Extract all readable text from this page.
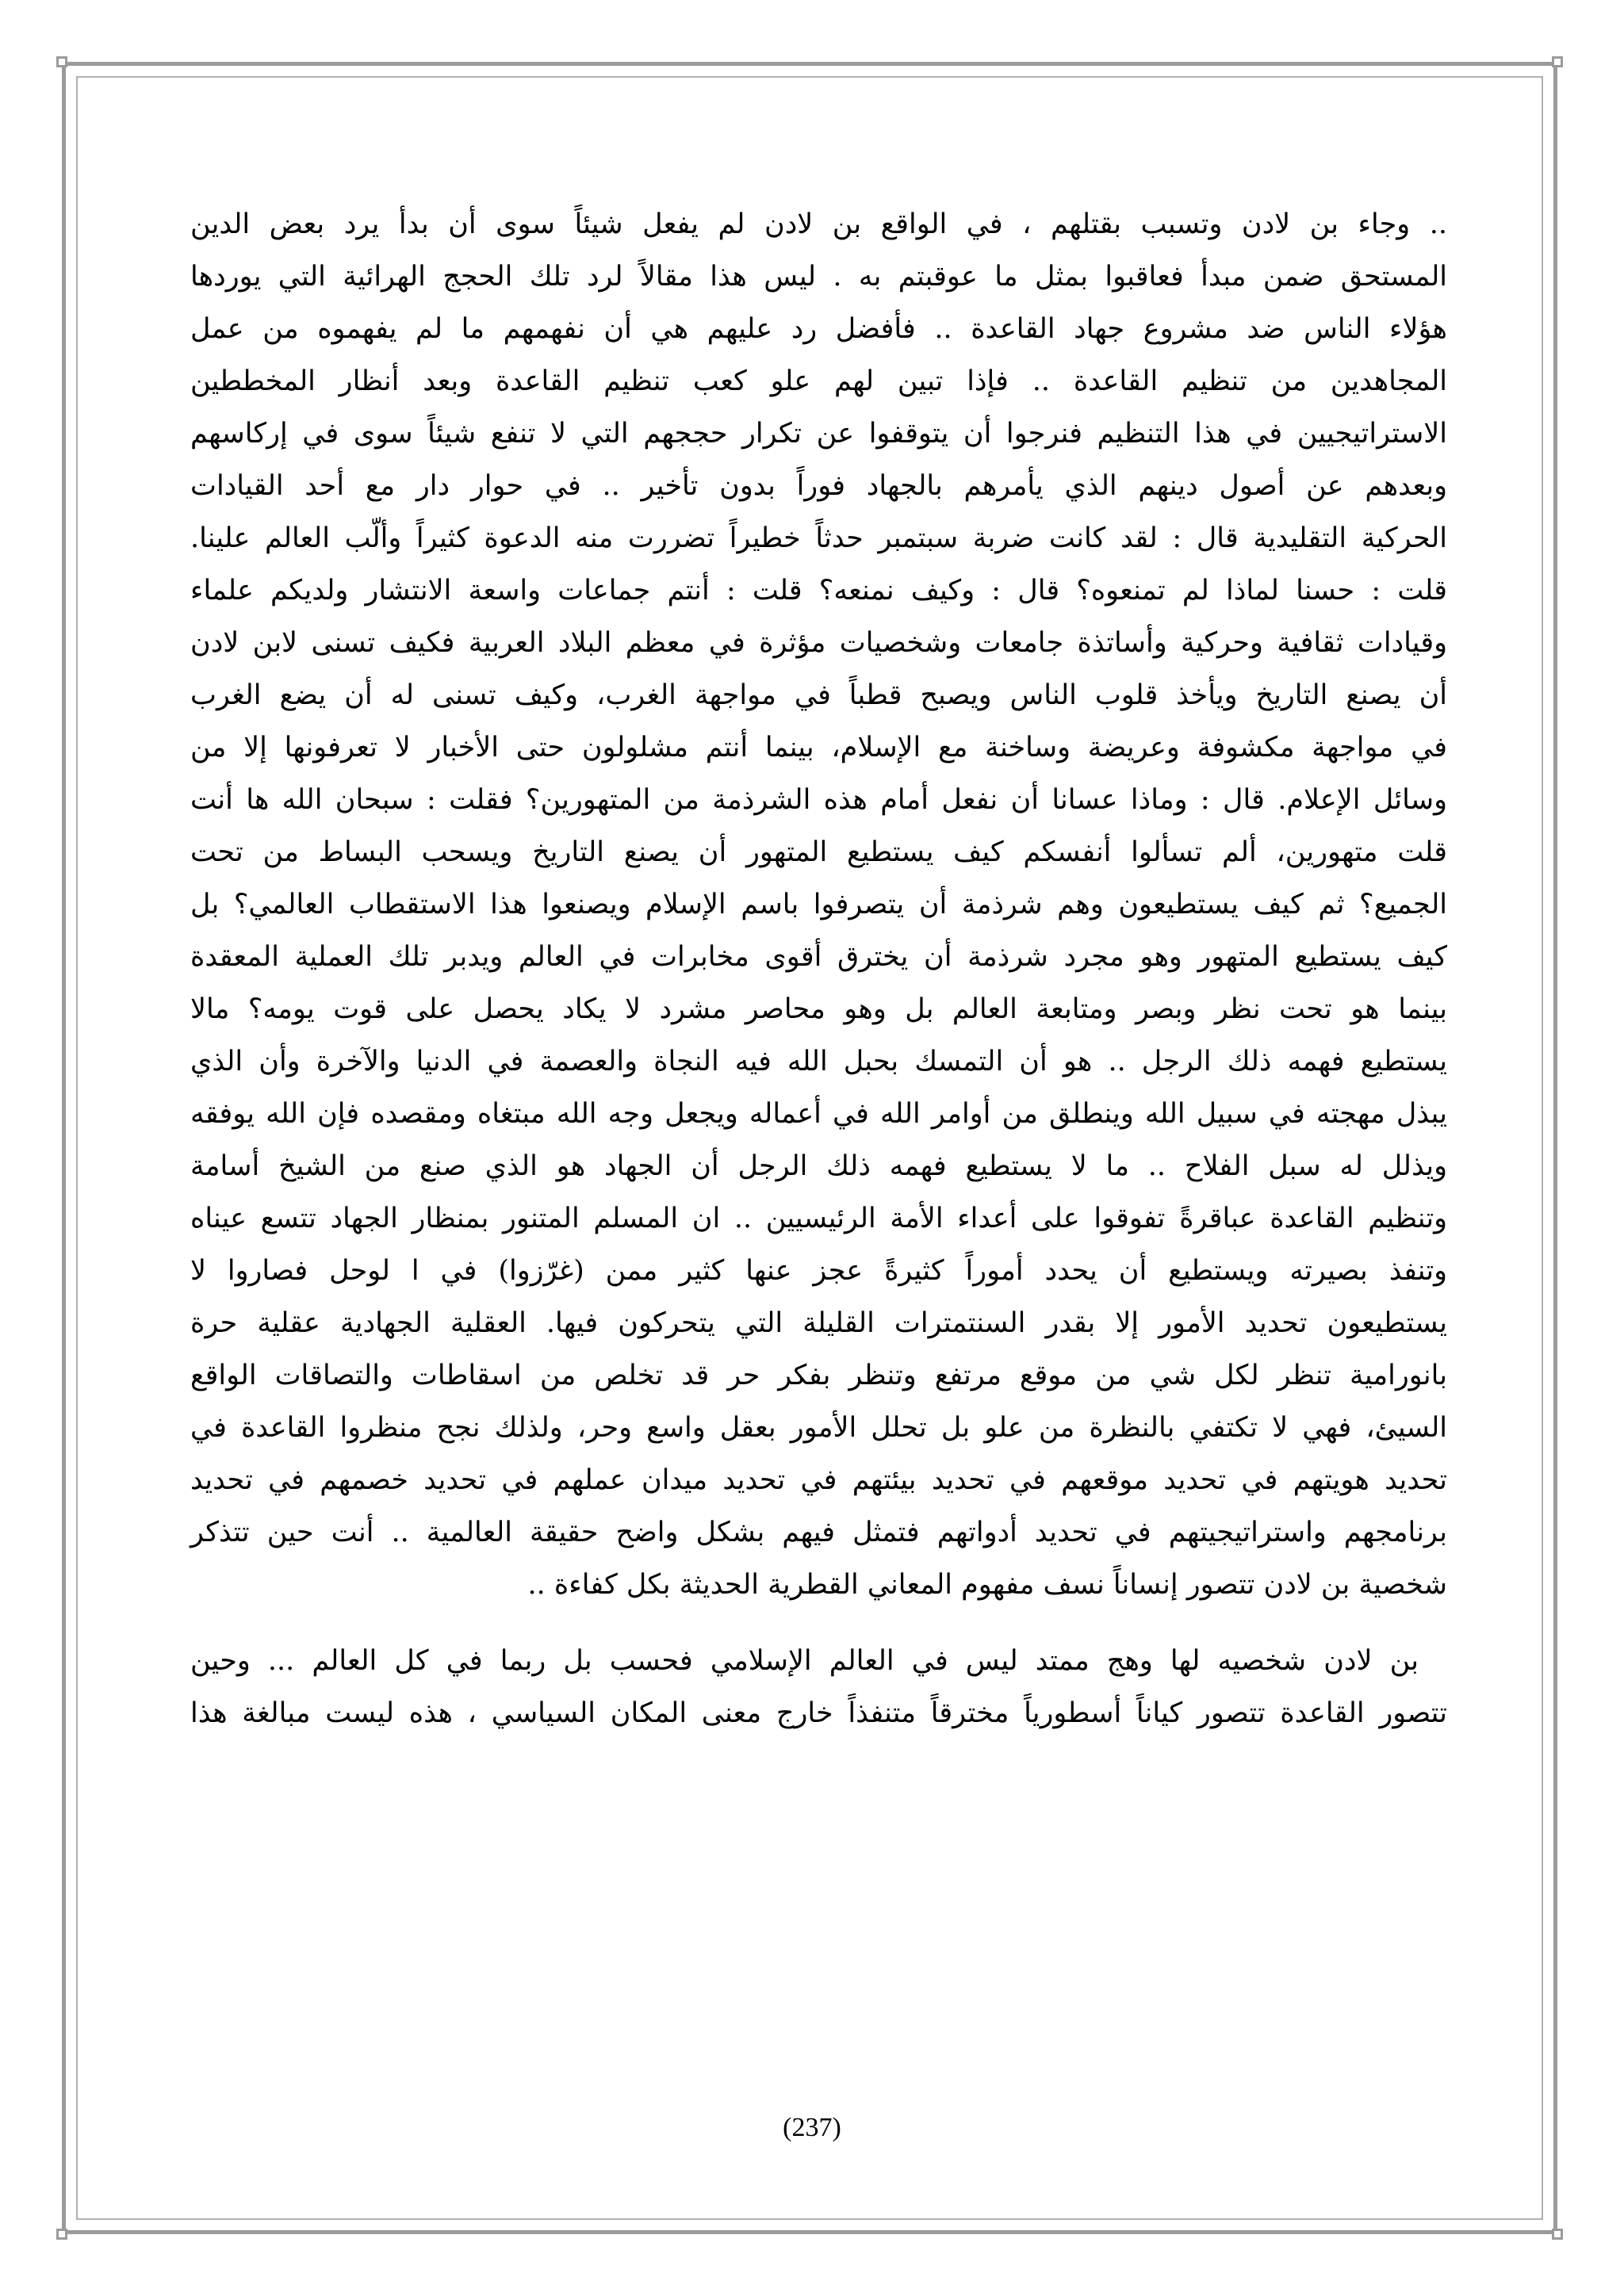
.. وجاء بن لادن وتسبب بقتلهم ، في الواقع بن لادن لم يفعل شيئاً سوى أن بدأ يرد بعض الدين
المستحق ضمن مبدأ فعاقبوا بمثل ما عوقبتم به . ليس هذا مقالاً لرد تلك الحجج الهرائية التي يوردها
هؤلاء الناس ضد مشروع جهاد القاعدة .. فأفضل رد عليهم هي أن نفهمهم ما لم يفهموه من عمل
المجاهدين من تنظيم القاعدة .. فإذا تبين لهم علو كعب تنظيم القاعدة وبعد أنظار المخططين
الاستراتيجيين في هذا التنظيم فنرجوا أن يتوقفوا عن تكرار حججهم التي لا تنفع شيئاً سوى في إركاسهم
وبعدهم عن أصول دينهم الذي يأمرهم بالجهاد فوراً بدون تأخير .. في حوار دار مع أحد القيادات
الحركية التقليدية قال : لقد كانت ضربة سبتمبر حدثاً خطيراً تضررت منه الدعوة كثيراً وألّب العالم علينا.
قلت : حسنا لماذا لم تمنعوه؟ قال : وكيف نمنعه؟ قلت : أنتم جماعات واسعة الانتشار ولديكم علماء
وقيادات ثقافية وحركية وأساتذة جامعات وشخصيات مؤثرة في معظم البلاد العربية فكيف تسنى لابن لادن
أن يصنع التاريخ ويأخذ قلوب الناس ويصبح قطباً في مواجهة الغرب، وكيف تسنى له أن يضع الغرب
في مواجهة مكشوفة وعريضة وساخنة مع الإسلام، بينما أنتم مشلولون حتى الأخبار لا تعرفونها إلا من
وسائل الإعلام. قال : وماذا عسانا أن نفعل أمام هذه الشرذمة من المتهورين؟ فقلت : سبحان الله ها أنت
قلت متهورين، ألم تسألوا أنفسكم كيف يستطيع المتهور أن يصنع التاريخ ويسحب البساط من تحت
الجميع؟ ثم كيف يستطيعون وهم شرذمة أن يتصرفوا باسم الإسلام ويصنعوا هذا الاستقطاب العالمي؟ بل
كيف يستطيع المتهور وهو مجرد شرذمة أن يخترق أقوى مخابرات في العالم ويدبر تلك العملية المعقدة
بينما هو تحت نظر وبصر ومتابعة العالم بل وهو محاصر مشرد لا يكاد يحصل على قوت يومه؟ مالا
يستطيع فهمه ذلك الرجل .. هو أن التمسك بحبل الله فيه النجاة والعصمة في الدنيا والآخرة وأن الذي
يبذل مهجته في سبيل الله وينطلق من أوامر الله في أعماله ويجعل وجه الله مبتغاه ومقصده فإن الله يوفقه
ويذلل له سبل الفلاح .. ما لا يستطيع فهمه ذلك الرجل أن الجهاد هو الذي صنع من الشيخ أسامة
وتنظيم القاعدة عباقرةً تفوقوا على أعداء الأمة الرئيسيين .. ان المسلم المتنور بمنظار الجهاد تتسع عيناه
وتنفذ بصيرته ويستطيع أن يحدد أموراً كثيرةً عجز عنها كثير ممن (غرّزوا) في ا لوحل فصاروا لا
يستطيعون تحديد الأمور إلا بقدر السنتمترات القليلة التي يتحركون فيها. العقلية الجهادية عقلية حرة
بانورامية تنظر لكل شي من موقع مرتفع وتنظر بفكر حر قد تخلص من اسقاطات والتصاقات الواقع
السيئ، فهي لا تكتفي بالنظرة من علو بل تحلل الأمور بعقل واسع وحر، ولذلك نجح منظروا القاعدة في
تحديد هويتهم في تحديد موقعهم في تحديد بيئتهم في تحديد ميدان عملهم في تحديد خصمهم في تحديد
برنامجهم واستراتيجيتهم في تحديد أدواتهم فتمثل فيهم بشكل واضح حقيقة العالمية .. أنت حين تتذكر
شخصية بن لادن تتصور إنساناً نسف مفهوم المعاني القطرية الحديثة بكل كفاءة ..
بن لادن شخصيه لها وهج ممتد ليس في العالم الإسلامي فحسب بل ربما في كل العالم ... وحين
تتصور القاعدة تتصور كياناً أسطورياً مخترقاً متنفذاً خارج معنى المكان السياسي ، هذه ليست مبالغة هذا
(237)
